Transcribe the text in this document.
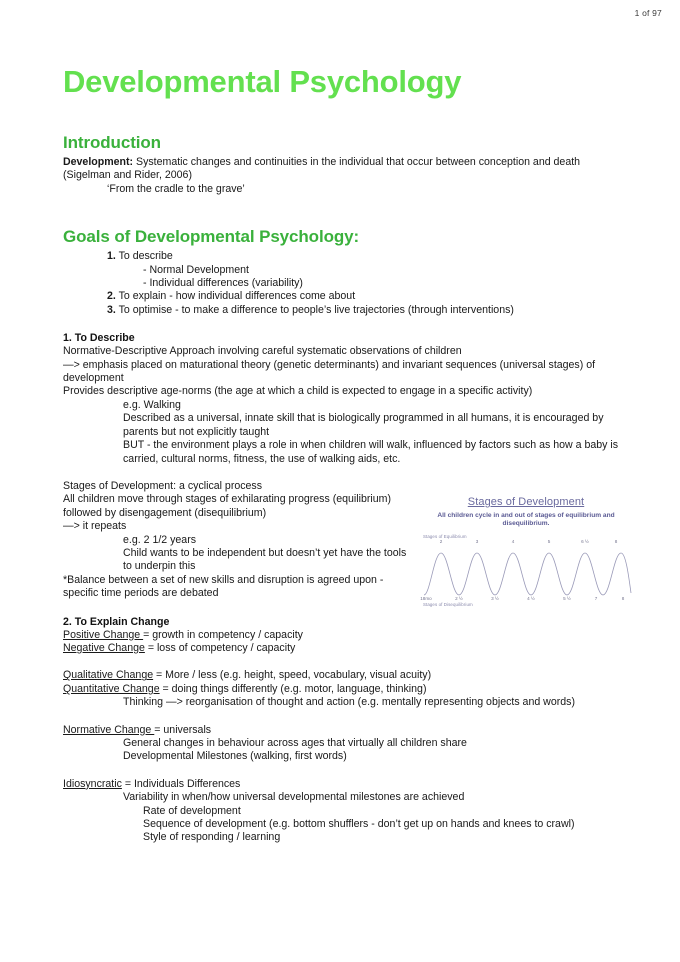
1 of 97
Developmental Psychology
Introduction

Development: Systematic changes and continuities in the individual that occur between conception and death (Sigelman and Rider, 2006)

‘From the cradle to the grave’

Goals of Developmental Psychology:

1. To describe

- Normal Development

- Individual differences (variability)

2. To explain - how individual differences come about

3. To optimise - to make a difference to people’s live trajectories (through interventions)

1. To Describe

Normative-Descriptive Approach involving careful systematic observations of children

—> emphasis placed on maturational theory (genetic determinants) and invariant sequences (universal stages) of development

Provides descriptive age-norms (the age at which a child is expected to engage in a specific activity)

e.g. Walking

Described as a universal, innate skill that is biologically programmed in all humans, it is encouraged by parents but not explicitly taught

BUT - the environment plays a role in when children will walk, influenced by factors such as how a baby is carried, cultural norms, fitness, the use of walking aids, etc.

Stages of Development: a cyclical process

All children move through stages of exhilarating progress (equilibrium) followed by disengagement (disequilibrium)

—> it repeats

e.g. 2 1/2 years

Child wants to be independent but doesn’t yet have the tools to underpin this

*Balance between a set of new skills and disruption is agreed upon - specific time periods are debated

2. To Explain Change

Positive Change = growth in competency / capacity

Negative Change = loss of competency / capacity

Qualitative Change = More / less (e.g. height, speed, vocabulary, visual acuity)

Quantitative Change = doing things differently (e.g. motor, language, thinking)

Thinking —> reorganisation of thought and action (e.g. mentally representing objects and words)

Normative Change = universals

General changes in behaviour across ages that virtually all children share

Developmental Milestones (walking, first words)

Idiosyncratic = Individuals Differences

Variability in when/how universal developmental milestones are achieved

Rate of development

Sequence of development (e.g. bottom shufflers - don’t get up on hands and knees to crawl)

Style of responding / learning

Stages of Development
All children cycle in and out of stages of equilibrium and disequilibrium.
Stages of Equilibrium
2	3	4	5	6 ½	8
18mo	2 ½	3 ½	4 ½	5 ½	7	8
Stages of Disequilibrium
